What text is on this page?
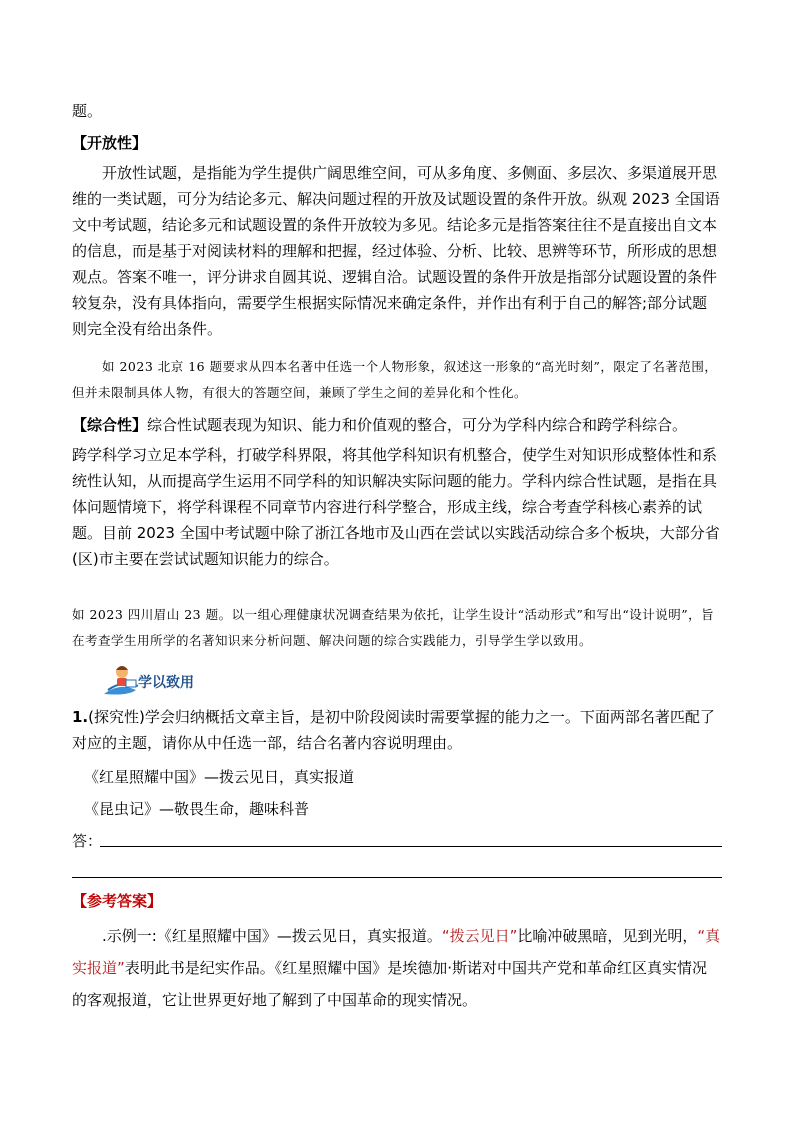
题。

【开放性】

开放性试题，是指能为学生提供广阔思维空间，可从多角度、多侧面、多层次、多渠道展开思维的一类试题，可分为结论多元、解决问题过程的开放及试题设置的条件开放。纵观 2023 全国语文中考试题，结论多元和试题设置的条件开放较为多见。结论多元是指答案往往不是直接出自文本的信息，而是基于对阅读材料的理解和把握，经过体验、分析、比较、思辨等环节，所形成的思想观点。答案不唯一，评分讲求自圆其说、逻辑自洽。试题设置的条件开放是指部分试题设置的条件较复杂，没有具体指向，需要学生根据实际情况来确定条件，并作出有利于自己的解答;部分试题则完全没有给出条件。

如 2023 北京 16 题要求从四本名著中任选一个人物形象，叙述这一形象的“高光时刻”，限定了名著范围，但并未限制具体人物，有很大的答题空间，兼顾了学生之间的差异化和个性化。

【综合性】综合性试题表现为知识、能力和价值观的整合，可分为学科内综合和跨学科综合。

跨学科学习立足本学科，打破学科界限，将其他学科知识有机整合，使学生对知识形成整体性和系统性认知，从而提高学生运用不同学科的知识解决实际问题的能力。学科内综合性试题，是指在具体问题情境下，将学科课程不同章节内容进行科学整合，形成主线，综合考查学科核心素养的试题。目前 2023 全国中考试题中除了浙江各地市及山西在尝试以实践活动综合多个板块，大部分省(区)市主要在尝试试题知识能力的综合。

如 2023 四川眉山 23 题。以一组心理健康状况调查结果为依托，让学生设计“活动形式”和写出“设计说明”，旨在考查学生用所学的名著知识来分析问题、解决问题的综合实践能力，引导学生学以致用。

学以致用

1.(探究性)学会归纳概括文章主旨，是初中阶段阅读时需要掌握的能力之一。下面两部名著匹配了对应的主题，请你从中任选一部，结合名著内容说明理由。

《红星照耀中国》—拨云见日，真实报道

《昆虫记》—敬畏生命，趣味科普

答：

【参考答案】

.示例一:《红星照耀中国》—拨云见日，真实报道。“拨云见日”比喻冲破黑暗，见到光明，“真实报道”表明此书是纪实作品。《红星照耀中国》是埃德加·斯诺对中国共产党和革命红区真实情况的客观报道，它让世界更好地了解到了中国革命的现实情况。
